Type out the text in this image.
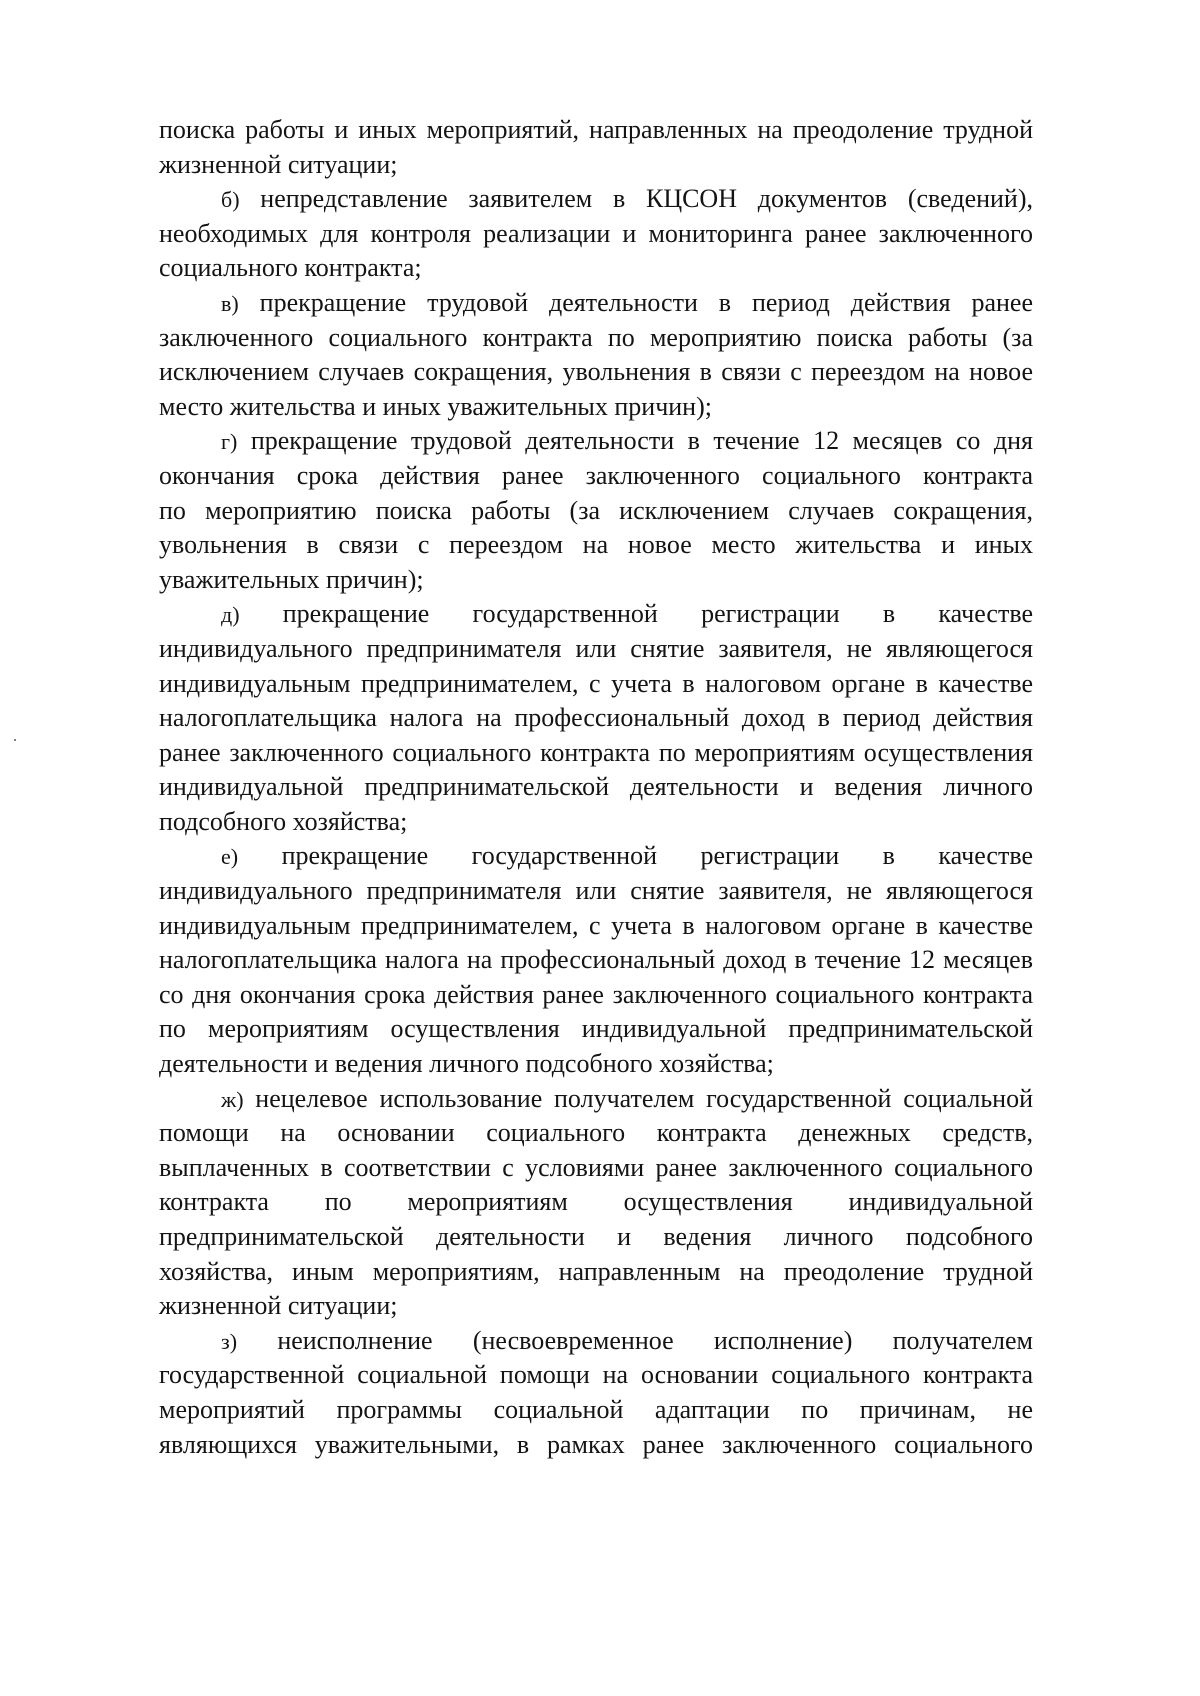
поиска работы и иных мероприятий, направленных на преодоление трудной
жизненной ситуации;
б) непредставление заявителем в КЦСОН документов (сведений),
необходимых для контроля реализации и мониторинга ранее заключенного
социального контракта;
в) прекращение трудовой деятельности в период действия ранее
заключенного социального контракта по мероприятию поиска работы (за
исключением случаев сокращения, увольнения в связи с переездом на новое
место жительства и иных уважительных причин);
г) прекращение трудовой деятельности в течение 12 месяцев со дня
окончания срока действия ранее заключенного социального контракта
по мероприятию поиска работы (за исключением случаев сокращения,
увольнения в связи с переездом на новое место жительства и иных
уважительных причин);
д) прекращение государственной регистрации в качестве
индивидуального предпринимателя или снятие заявителя, не являющегося
индивидуальным предпринимателем, с учета в налоговом органе в качестве
налогоплательщика налога на профессиональный доход в период действия
ранее заключенного социального контракта по мероприятиям осуществления
индивидуальной предпринимательской деятельности и ведения личного
подсобного хозяйства;
е) прекращение государственной регистрации в качестве
индивидуального предпринимателя или снятие заявителя, не являющегося
индивидуальным предпринимателем, с учета в налоговом органе в качестве
налогоплательщика налога на профессиональный доход в течение 12 месяцев
со дня окончания срока действия ранее заключенного социального контракта
по мероприятиям осуществления индивидуальной предпринимательской
деятельности и ведения личного подсобного хозяйства;
ж) нецелевое использование получателем государственной социальной
помощи на основании социального контракта денежных средств,
выплаченных в соответствии с условиями ранее заключенного социального
контракта по мероприятиям осуществления индивидуальной
предпринимательской деятельности и ведения личного подсобного
хозяйства, иным мероприятиям, направленным на преодоление трудной
жизненной ситуации;
з) неисполнение (несвоевременное исполнение) получателем
государственной социальной помощи на основании социального контракта
мероприятий программы социальной адаптации по причинам, не
являющихся уважительными, в рамках ранее заключенного социального
